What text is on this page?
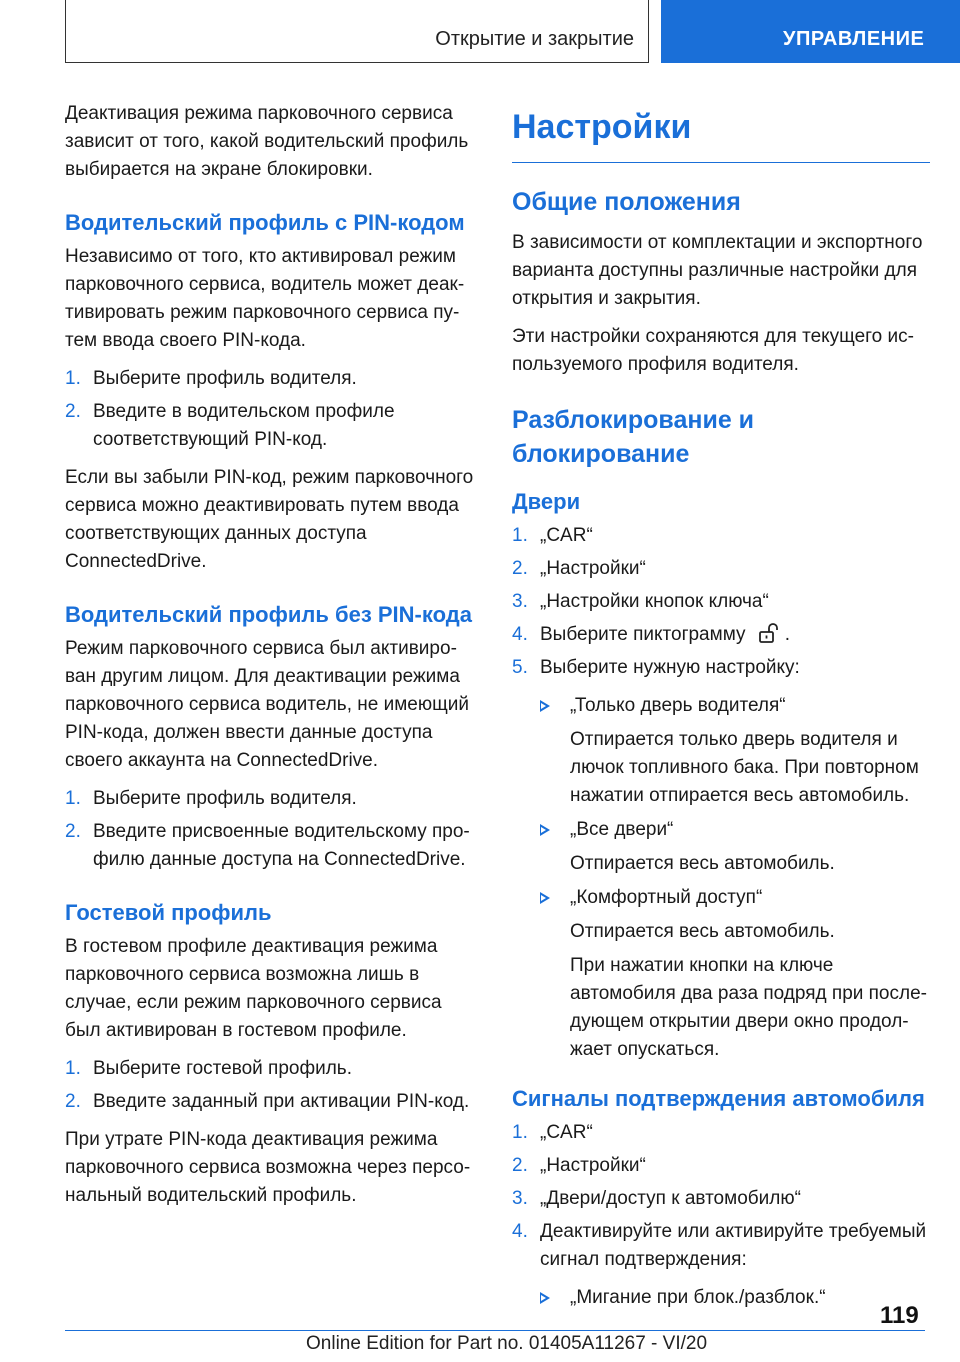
Открытие и закрытие	УПРАВЛЕНИЕ

Деактивация режима парковочного сервиса зависит от того, какой водительский профиль выбирается на экране блокировки.

Водительский профиль с PIN-кодом

Независимо от того, кто активировал режим парковочного сервиса, водитель может деактивировать режим парковочного сервиса путем ввода своего PIN-кода.

1. Выберите профиль водителя.
2. Введите в водительском профиле соответствующий PIN-код.

Если вы забыли PIN-код, режим парковочного сервиса можно деактивировать путем ввода соответствующих данных доступа ConnectedDrive.

Водительский профиль без PIN-кода

Режим парковочного сервиса был активирован другим лицом. Для деактивации режима парковочного сервиса водитель, не имеющий PIN-кода, должен ввести данные доступа своего аккаунта на ConnectedDrive.

1. Выберите профиль водителя.
2. Введите присвоенные водительскому профилю данные доступа на ConnectedDrive.
Гостевой профиль

В гостевом профиле деактивация режима парковочного сервиса возможна лишь в случае, если режим парковочного сервиса был активирован в гостевом профиле.

1. Выберите гостевой профиль.
2. Введите заданный при активации PIN-код.

При утрате PIN-кода деактивация режима парковочного сервиса возможна через персональный водительский профиль.

Настройки
Общие положения

В зависимости от комплектации и экспортного варианта доступны различные настройки для открытия и закрытия.

Эти настройки сохраняются для текущего используемого профиля водителя.

Разблокирование и блокирование
Двери
1. „CAR“
2. „Настройки“
3. „Настройки кнопок ключа“
4. Выберите пиктограмму .
5. Выберите нужную настройку:

„Только дверь водителя“

Отпирается только дверь водителя и лючок топливного бака. При повторном нажатии отпирается весь автомобиль.

„Все двери“

Отпирается весь автомобиль.

„Комфортный доступ“

Отпирается весь автомобиль.

При нажатии кнопки на ключе автомобиля два раза подряд при последующем открытии двери окно продолжает опускаться.

Сигналы подтверждения автомобиля
1. „CAR“
2. „Настройки“
3. „Двери/доступ к автомобилю“
4. Деактивируйте или активируйте требуемый сигнал подтверждения:

„Мигание при блок./разблок.“

119
Online Edition for Part no. 01405A11267 - VI/20
